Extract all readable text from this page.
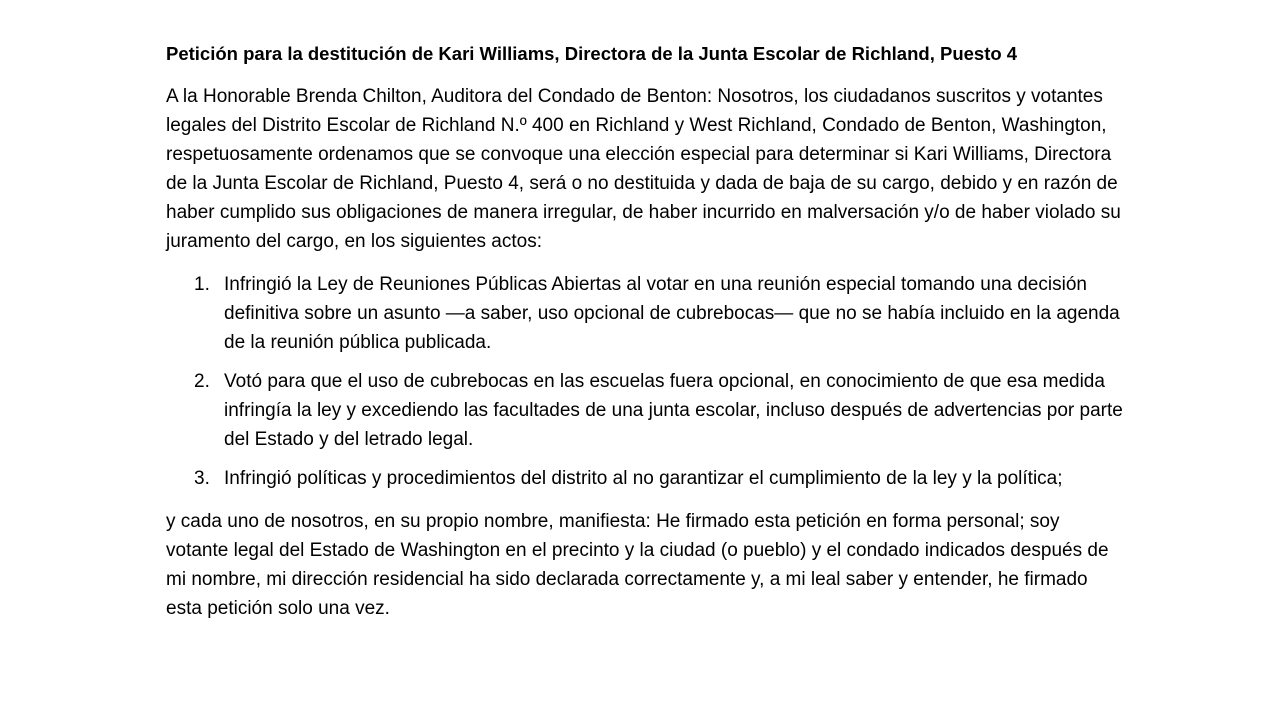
Petición para la destitución de Kari Williams, Directora de la Junta Escolar de Richland, Puesto 4

A la Honorable Brenda Chilton, Auditora del Condado de Benton: Nosotros, los ciudadanos suscritos y votantes legales del Distrito Escolar de Richland N.º 400 en Richland y West Richland, Condado de Benton, Washington, respetuosamente ordenamos que se convoque una elección especial para determinar si Kari Williams, Directora de la Junta Escolar de Richland, Puesto 4, será o no destituida y dada de baja de su cargo, debido y en razón de haber cumplido sus obligaciones de manera irregular, de haber incurrido en malversación y/o de haber violado su juramento del cargo, en los siguientes actos:

1. Infringió la Ley de Reuniones Públicas Abiertas al votar en una reunión especial tomando una decisión definitiva sobre un asunto —a saber, uso opcional de cubrebocas— que no se había incluido en la agenda de la reunión pública publicada.
2. Votó para que el uso de cubrebocas en las escuelas fuera opcional, en conocimiento de que esa medida infringía la ley y excediendo las facultades de una junta escolar, incluso después de advertencias por parte del Estado y del letrado legal.
3. Infringió políticas y procedimientos del distrito al no garantizar el cumplimiento de la ley y la política;

y cada uno de nosotros, en su propio nombre, manifiesta: He firmado esta petición en forma personal; soy votante legal del Estado de Washington en el precinto y la ciudad (o pueblo) y el condado indicados después de mi nombre, mi dirección residencial ha sido declarada correctamente y, a mi leal saber y entender, he firmado esta petición solo una vez.
